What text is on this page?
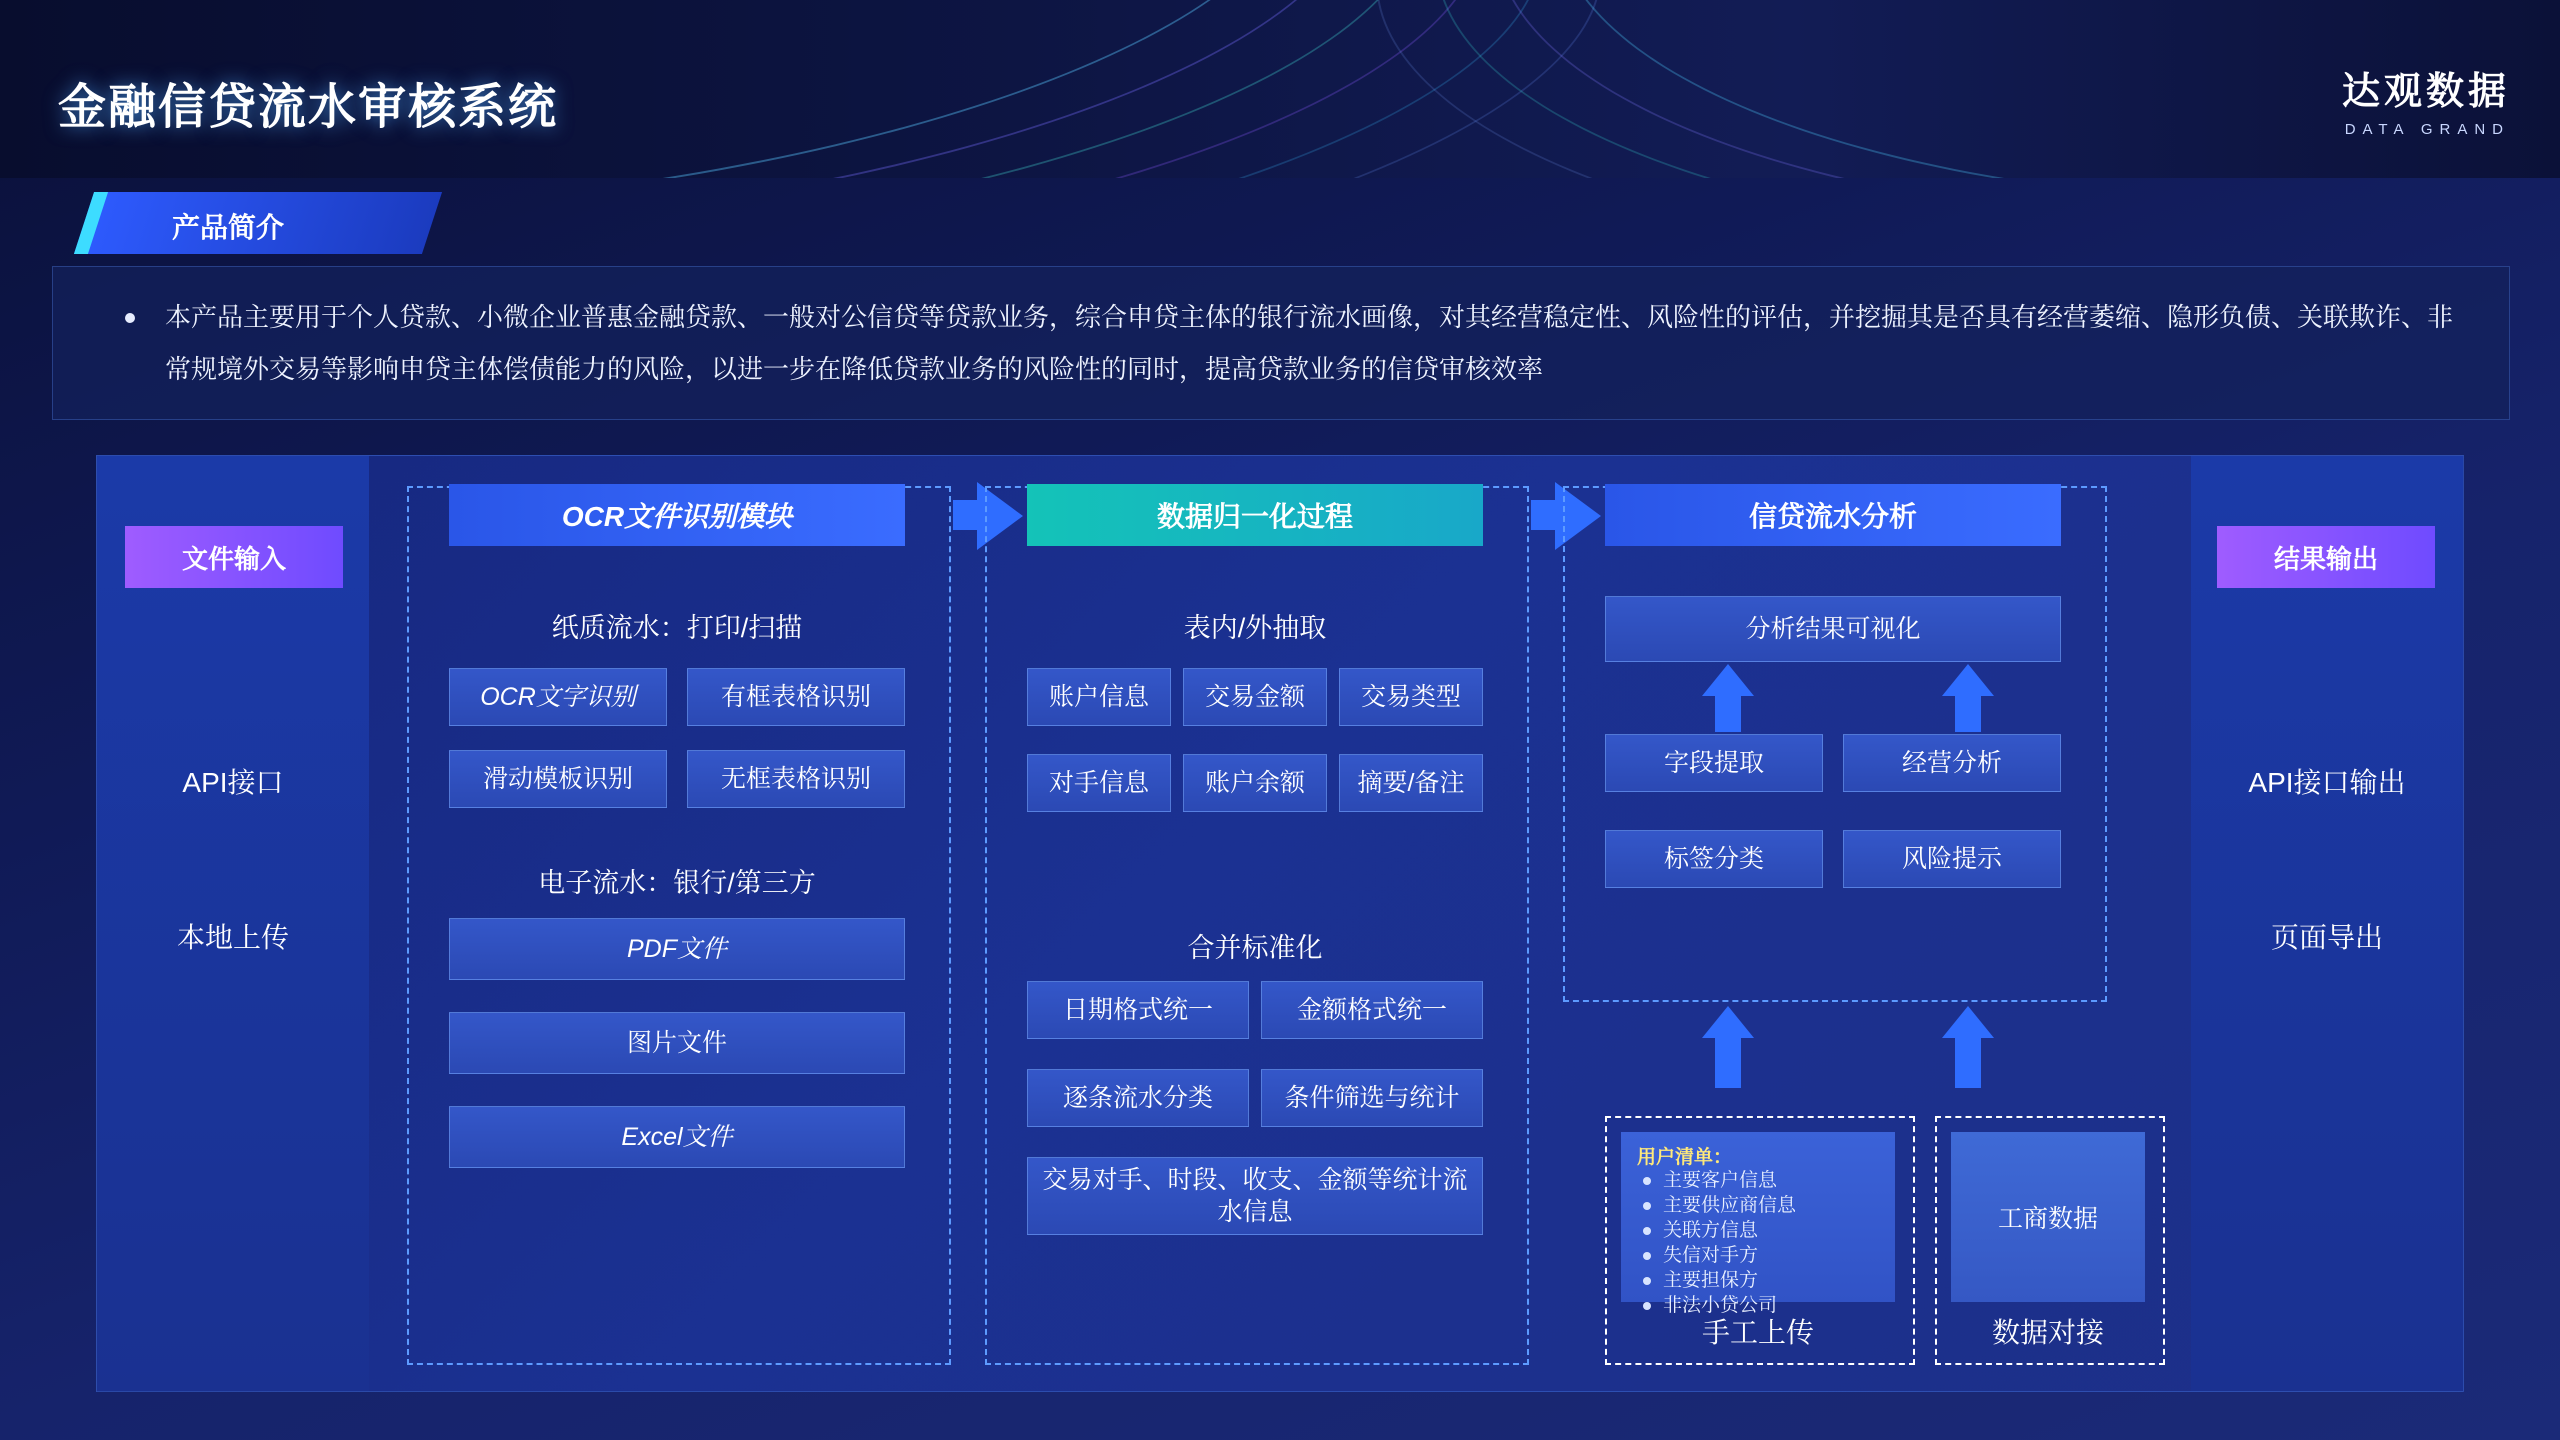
金融信贷流水审核系统	达观数据
DATA GRAND
本产品主要用于个人贷款、小微企业普惠金融贷款、一般对公信贷等贷款业务，综合申贷主体的银行流水画像，对其经营稳定性、风险性的评估，并挖掘其是否具有经营萎缩、隐形负债、关联欺诈、非常规境外交易等影响申贷主体偿债能力的风险，以进一步在降低贷款业务的风险性的同时，提高贷款业务的信贷审核效率
产品简介
文件输入
API接口
本地上传
结果输出
API接口输出
页面导出
OCR文件识别模块
纸质流水：打印/扫描
OCR文字识别	有框表格识别
滑动模板识别	无框表格识别
电子流水：银行/第三方
PDF文件
图片文件
Excel文件
数据归一化过程
表内/外抽取
账户信息	交易金额	交易类型
对手信息	账户余额	摘要/备注
合并标准化
日期格式统一	金额格式统一
逐条流水分类	条件筛选与统计
交易对手、时段、收支、金额等统计流水信息
信贷流水分析
分析结果可视化
字段提取	经营分析
标签分类	风险提示
用户清单：
主要客户信息
主要供应商信息
关联方信息
失信对手方
主要担保方
非法小贷公司
手工上传
工商数据
数据对接
